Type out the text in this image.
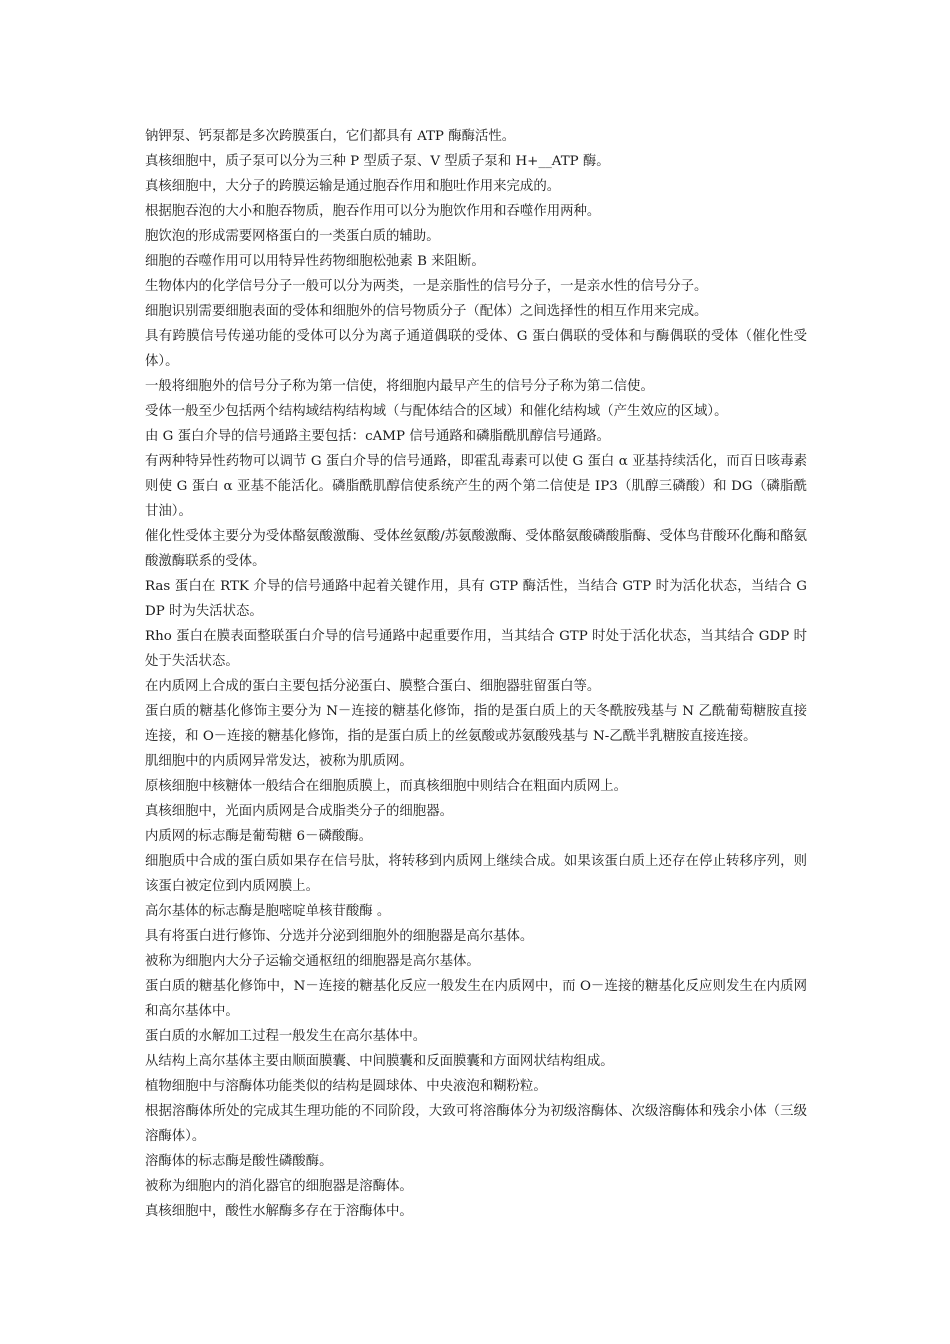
钠钾泵、钙泵都是多次跨膜蛋白，它们都具有 ATP 酶酶活性。

真核细胞中，质子泵可以分为三种 P 型质子泵、V 型质子泵和 H+__ATP 酶。

真核细胞中，大分子的跨膜运输是通过胞吞作用和胞吐作用来完成的。

根据胞吞泡的大小和胞吞物质，胞吞作用可以分为胞饮作用和吞噬作用两种。

胞饮泡的形成需要网格蛋白的一类蛋白质的辅助。

细胞的吞噬作用可以用特异性药物细胞松弛素 B 来阻断。

生物体内的化学信号分子一般可以分为两类，一是亲脂性的信号分子，一是亲水性的信号分子。

细胞识别需要细胞表面的受体和细胞外的信号物质分子（配体）之间选择性的相互作用来完成。

具有跨膜信号传递功能的受体可以分为离子通道偶联的受体、G 蛋白偶联的受体和与酶偶联的受体（催化性受体）。

一般将细胞外的信号分子称为第一信使，将细胞内最早产生的信号分子称为第二信使。

受体一般至少包括两个结构域结构结构域（与配体结合的区域）和催化结构域（产生效应的区域）。

由 G 蛋白介导的信号通路主要包括：cAMP 信号通路和磷脂酰肌醇信号通路。

有两种特异性药物可以调节 G 蛋白介导的信号通路，即霍乱毒素可以使 G 蛋白 α 亚基持续活化，而百日咳毒素则使 G 蛋白 α 亚基不能活化。磷脂酰肌醇信使系统产生的两个第二信使是 IP3（肌醇三磷酸）和 DG（磷脂酰甘油）。

催化性受体主要分为受体酪氨酸激酶、受体丝氨酸/苏氨酸激酶、受体酪氨酸磷酸脂酶、受体鸟苷酸环化酶和酪氨酸激酶联系的受体。

Ras 蛋白在 RTK 介导的信号通路中起着关键作用，具有 GTP 酶活性，当结合 GTP 时为活化状态，当结合 GDP 时为失活状态。

Rho 蛋白在膜表面整联蛋白介导的信号通路中起重要作用，当其结合 GTP 时处于活化状态，当其结合 GDP 时处于失活状态。

在内质网上合成的蛋白主要包括分泌蛋白、膜整合蛋白、细胞器驻留蛋白等。

蛋白质的糖基化修饰主要分为 N－连接的糖基化修饰，指的是蛋白质上的天冬酰胺残基与 N 乙酰葡萄糖胺直接连接，和 O－连接的糖基化修饰，指的是蛋白质上的丝氨酸或苏氨酸残基与 N-乙酰半乳糖胺直接连接。

肌细胞中的内质网异常发达，被称为肌质网。

原核细胞中核糖体一般结合在细胞质膜上，而真核细胞中则结合在粗面内质网上。

真核细胞中，光面内质网是合成脂类分子的细胞器。

内质网的标志酶是葡萄糖 6－磷酸酶。

细胞质中合成的蛋白质如果存在信号肽，将转移到内质网上继续合成。如果该蛋白质上还存在停止转移序列，则该蛋白被定位到内质网膜上。

高尔基体的标志酶是胞嘧啶单核苷酸酶 。

具有将蛋白进行修饰、分选并分泌到细胞外的细胞器是高尔基体。

被称为细胞内大分子运输交通枢纽的细胞器是高尔基体。

蛋白质的糖基化修饰中，N－连接的糖基化反应一般发生在内质网中，而 O－连接的糖基化反应则发生在内质网和高尔基体中。

蛋白质的水解加工过程一般发生在高尔基体中。

从结构上高尔基体主要由顺面膜囊、中间膜囊和反面膜囊和方面网状结构组成。

植物细胞中与溶酶体功能类似的结构是圆球体、中央液泡和糊粉粒。

根据溶酶体所处的完成其生理功能的不同阶段，大致可将溶酶体分为初级溶酶体、次级溶酶体和残余小体（三级溶酶体）。

溶酶体的标志酶是酸性磷酸酶。

被称为细胞内的消化器官的细胞器是溶酶体。

真核细胞中，酸性水解酶多存在于溶酶体中。
